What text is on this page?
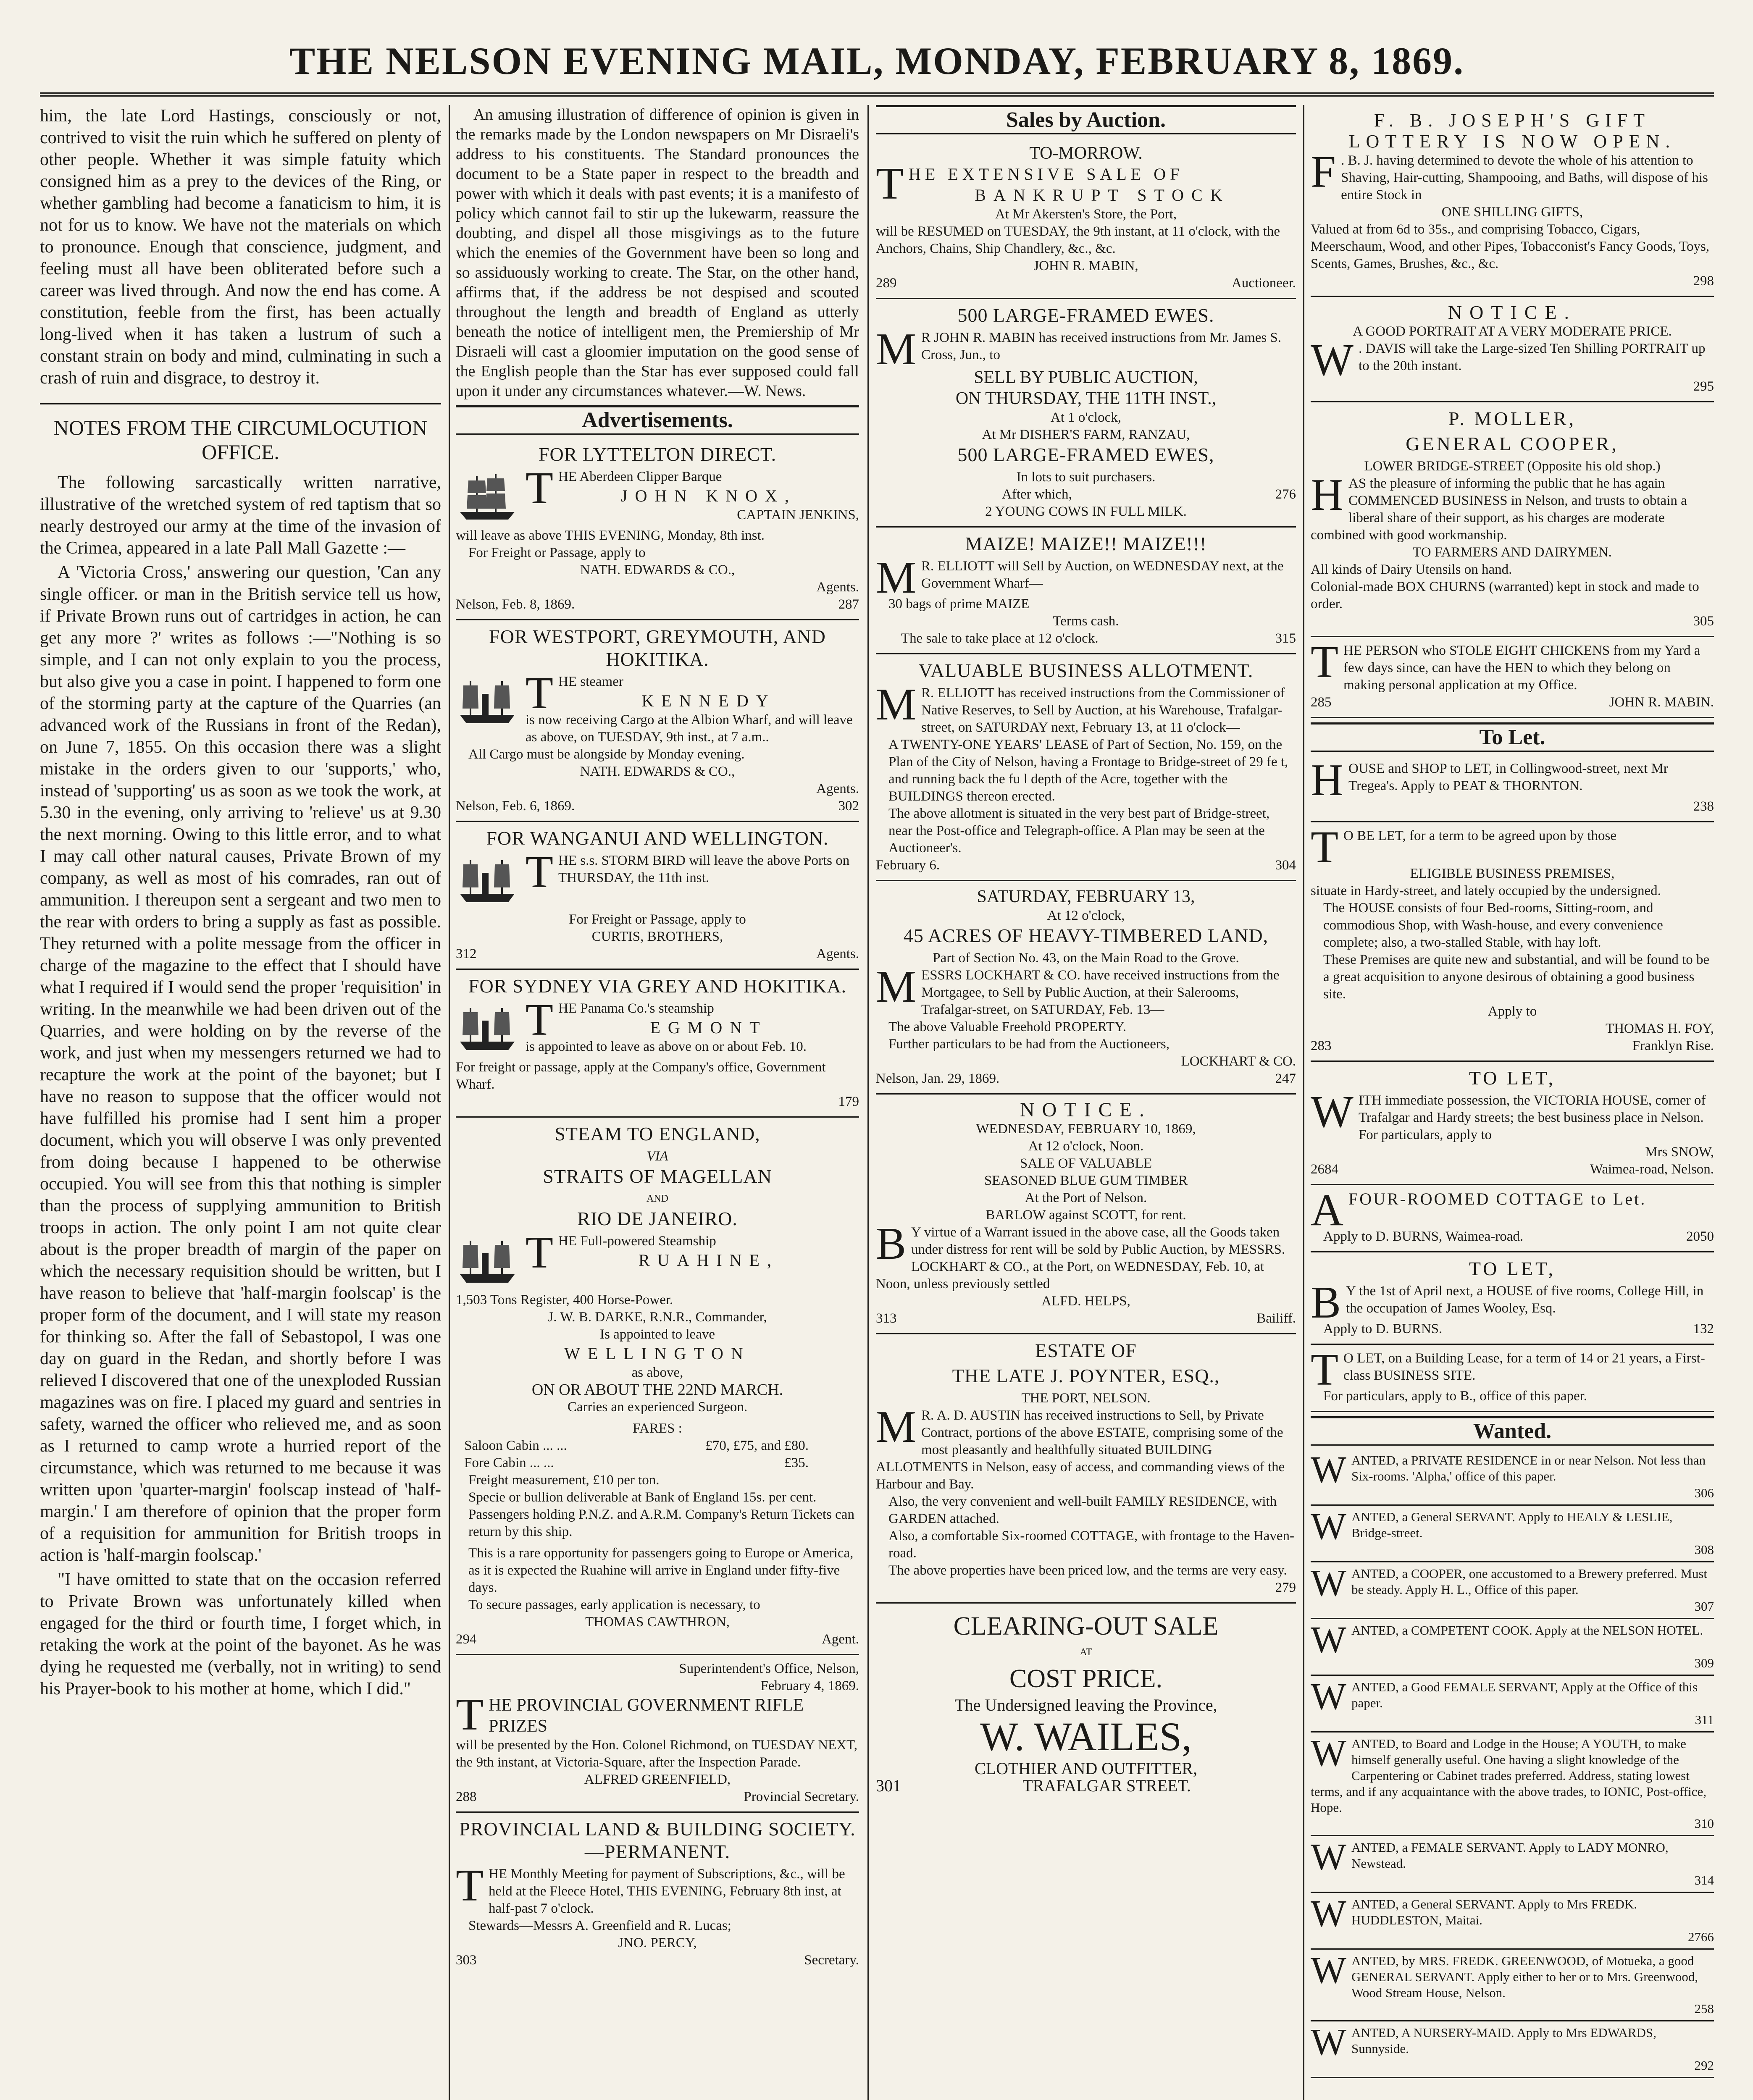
THE NELSON EVENING MAIL, MONDAY, FEBRUARY 8, 1869.

him, the late Lord Hastings, consciously or not, contrived to visit the ruin which he suffered on plenty of other people. Whether it was simple fatuity which consigned him as a prey to the devices of the Ring, or whether gambling had become a fanaticism to him, it is not for us to know. We have not the materials on which to pronounce. Enough that conscience, judgment, and feeling must all have been obliterated before such a career was lived through. And now the end has come. A constitution, feeble from the first, has been actually long-lived when it has taken a lustrum of such a constant strain on body and mind, culminating in such a crash of ruin and disgrace, to destroy it.

NOTES FROM THE CIRCUMLOCUTION OFFICE.

The following sarcastically written narrative, illustrative of the wretched system of red taptism that so nearly destroyed our army at the time of the invasion of the Crimea, appeared in a late Pall Mall Gazette :—

A 'Victoria Cross,' answering our question, 'Can any single officer. or man in the British service tell us how, if Private Brown runs out of cartridges in action, he can get any more ?' writes as follows :—"Nothing is so simple, and I can not only explain to you the process, but also give you a case in point. I happened to form one of the storming party at the capture of the Quarries (an advanced work of the Russians in front of the Redan), on June 7, 1855. On this occasion there was a slight mistake in the orders given to our 'supports,' who, instead of 'supporting' us as soon as we took the work, at 5.30 in the evening, only arriving to 'relieve' us at 9.30 the next morning. Owing to this little error, and to what I may call other natural causes, Private Brown of my company, as well as most of his comrades, ran out of ammunition. I thereupon sent a sergeant and two men to the rear with orders to bring a supply as fast as possible. They returned with a polite message from the officer in charge of the magazine to the effect that I should have what I required if I would send the proper 'requisition' in writing. In the meanwhile we had been driven out of the Quarries, and were holding on by the reverse of the work, and just when my messengers returned we had to recapture the work at the point of the bayonet; but I have no reason to suppose that the officer would not have fulfilled his promise had I sent him a proper document, which you will observe I was only prevented from doing because I happened to be otherwise occupied. You will see from this that nothing is simpler than the process of supplying ammunition to British troops in action. The only point I am not quite clear about is the proper breadth of margin of the paper on which the necessary requisition should be written, but I have reason to believe that 'half-margin foolscap' is the proper form of the document, and I will state my reason for thinking so. After the fall of Sebastopol, I was one day on guard in the Redan, and shortly before I was relieved I discovered that one of the unexploded Russian magazines was on fire. I placed my guard and sentries in safety, warned the officer who relieved me, and as soon as I returned to camp wrote a hurried report of the circumstance, which was returned to me because it was written upon 'quarter-margin' foolscap instead of 'half-margin.' I am therefore of opinion that the proper form of a requisition for ammunition for British troops in action is 'half-margin foolscap.'

"I have omitted to state that on the occasion referred to Private Brown was unfortunately killed when engaged for the third or fourth time, I forget which, in retaking the work at the point of the bayonet. As he was dying he requested me (verbally, not in writing) to send his Prayer-book to his mother at home, which I did."

An amusing illustration of difference of opinion is given in the remarks made by the London newspapers on Mr Disraeli's address to his constituents. The Standard pronounces the document to be a State paper in respect to the breadth and power with which it deals with past events; it is a manifesto of policy which cannot fail to stir up the lukewarm, reassure the doubting, and dispel all those misgivings as to the future which the enemies of the Government have been so long and so assiduously working to create. The Star, on the other hand, affirms that, if the address be not despised and scouted throughout the length and breadth of England as utterly beneath the notice of intelligent men, the Premiership of Mr Disraeli will cast a gloomier imputation on the good sense of the English people than the Star has ever supposed could fall upon it under any circumstances whatever.—W. News.

Advertisements.
FOR LYTTELTON DIRECT.
THE Aberdeen Clipper Barque
JOHN KNOX,
CAPTAIN JENKINS,
will leave as above THIS EVENING, Monday, 8th inst.
For Freight or Passage, apply to
NATH. EDWARDS & CO.,
Agents.
Nelson, Feb. 8, 1869.	287
FOR WESTPORT, GREYMOUTH, AND HOKITIKA.
THE steamer
KENNEDY
is now receiving Cargo at the Albion Wharf, and will leave as above, on TUESDAY, 9th inst., at 7 a.m..
All Cargo must be alongside by Monday evening.
NATH. EDWARDS & CO.,
Agents.
Nelson, Feb. 6, 1869.	302
FOR WANGANUI AND WELLINGTON.
THE s.s. STORM BIRD will leave the above Ports on THURSDAY, the 11th inst.
For Freight or Passage, apply to
CURTIS, BROTHERS,
312	Agents.
FOR SYDNEY VIA GREY AND HOKITIKA.
THE Panama Co.'s steamship
EGMONT
is appointed to leave as above on or about Feb. 10.
For freight or passage, apply at the Company's office, Government Wharf.
179
STEAM TO ENGLAND,
VIA
STRAITS OF MAGELLAN
AND
RIO DE JANEIRO.
THE Full-powered Steamship
RUAHINE,
1,503 Tons Register, 400 Horse-Power.
J. W. B. DARKE, R.N.R., Commander,
Is appointed to leave
WELLINGTON
as above,
ON OR ABOUT THE 22ND MARCH.
Carries an experienced Surgeon.
FARES :
Saloon Cabin ... ...	£70, £75, and £80.
Fore Cabin ... ...	£35.
Freight measurement, £10 per ton.
Specie or bullion deliverable at Bank of England 15s. per cent.
Passengers holding P.N.Z. and A.R.M. Company's Return Tickets can return by this ship.
This is a rare opportunity for passengers going to Europe or America, as it is expected the Ruahine will arrive in England under fifty-five days.
To secure passages, early application is necessary, to
THOMAS CAWTHRON,
294	Agent.
Superintendent's Office, Nelson,
February 4, 1869.
THE PROVINCIAL GOVERNMENT RIFLE PRIZES
will be presented by the Hon. Colonel Richmond, on TUESDAY NEXT, the 9th instant, at Victoria-Square, after the Inspection Parade.
ALFRED GREENFIELD,
288	Provincial Secretary.
PROVINCIAL LAND & BUILDING SOCIETY.—PERMANENT.
THE Monthly Meeting for payment of Subscriptions, &c., will be held at the Fleece Hotel, THIS EVENING, February 8th inst, at half-past 7 o'clock.
Stewards—Messrs A. Greenfield and R. Lucas;
JNO. PERCY,
303	Secretary.
Sales by Auction.
TO-MORROW.
THE EXTENSIVE SALE OF
BANKRUPT STOCK
At Mr Akersten's Store, the Port,
will be RESUMED on TUESDAY, the 9th instant, at 11 o'clock, with the Anchors, Chains, Ship Chandlery, &c., &c.
JOHN R. MABIN,
289	Auctioneer.
500 LARGE-FRAMED EWES.
M R JOHN R. MABIN has received instructions from Mr. James S. Cross, Jun., to
SELL BY PUBLIC AUCTION,
ON THURSDAY, THE 11TH INST.,
At 1 o'clock,
At Mr DISHER'S FARM, RANZAU,
500 LARGE-FRAMED EWES,
In lots to suit purchasers.
After which,	276
2 YOUNG COWS IN FULL MILK.
MAIZE! MAIZE!! MAIZE!!!
M R. ELLIOTT will Sell by Auction, on WEDNESDAY next, at the Government Wharf—
30 bags of prime MAIZE
Terms cash.
The sale to take place at 12 o'clock.	315
VALUABLE BUSINESS ALLOTMENT.
M R. ELLIOTT has received instructions from the Commissioner of Native Reserves, to Sell by Auction, at his Warehouse, Trafalgar-street, on SATURDAY next, February 13, at 11 o'clock—
A TWENTY-ONE YEARS' LEASE of Part of Section, No. 159, on the Plan of the City of Nelson, having a Frontage to Bridge-street of 29 fe t, and running back the fu l depth of the Acre, together with the BUILDINGS thereon erected.
The above allotment is situated in the very best part of Bridge-street, near the Post-office and Telegraph-office. A Plan may be seen at the Auctioneer's.
February 6.	304
SATURDAY, FEBRUARY 13,
At 12 o'clock,
45 ACRES OF HEAVY-TIMBERED LAND,
Part of Section No. 43, on the Main Road to the Grove.
MESSRS LOCKHART & CO. have received instructions from the Mortgagee, to Sell by Public Auction, at their Salerooms, Trafalgar-street, on SATURDAY, Feb. 13—
The above Valuable Freehold PROPERTY.
Further particulars to be had from the Auctioneers,
LOCKHART & CO.
Nelson, Jan. 29, 1869.	247
NOTICE.
WEDNESDAY, FEBRUARY 10, 1869,
At 12 o'clock, Noon.
SALE OF VALUABLE
SEASONED BLUE GUM TIMBER
At the Port of Nelson.
BARLOW against SCOTT, for rent.
B Y virtue of a Warrant issued in the above case, all the Goods taken under distress for rent will be sold by Public Auction, by MESSRS. LOCKHART & CO., at the Port, on WEDNESDAY, Feb. 10, at Noon, unless previously settled
ALFD. HELPS,
313	Bailiff.
ESTATE OF
THE LATE J. POYNTER, ESQ.,
THE PORT, NELSON.
M R. A. D. AUSTIN has received instructions to Sell, by Private Contract, portions of the above ESTATE, comprising some of the most pleasantly and healthfully situated BUILDING ALLOTMENTS in Nelson, easy of access, and commanding views of the Harbour and Bay.
Also, the very convenient and well-built FAMILY RESIDENCE, with GARDEN attached.
Also, a comfortable Six-roomed COTTAGE, with frontage to the Haven-road.
The above properties have been priced low, and the terms are very easy.
279
CLEARING-OUT SALE
AT
COST PRICE.
The Undersigned leaving the Province,
W. WAILES,
CLOTHIER AND OUTFITTER,
301	TRAFALGAR STREET.
F. B. JOSEPH'S GIFT LOTTERY IS NOW OPEN.
F . B. J. having determined to devote the whole of his attention to Shaving, Hair-cutting, Shampooing, and Baths, will dispose of his entire Stock in
ONE SHILLING GIFTS,
Valued at from 6d to 35s., and comprising Tobacco, Cigars, Meerschaum, Wood, and other Pipes, Tobacconist's Fancy Goods, Toys, Scents, Games, Brushes, &c., &c.
298
NOTICE.
A GOOD PORTRAIT AT A VERY MODERATE PRICE.
W . DAVIS will take the Large-sized Ten Shilling PORTRAIT up to the 20th instant.
295
P. MOLLER,
GENERAL COOPER,
LOWER BRIDGE-STREET (Opposite his old shop.)
HAS the pleasure of informing the public that he has again COMMENCED BUSINESS in Nelson, and trusts to obtain a liberal share of their support, as his charges are moderate combined with good workmanship.
TO FARMERS AND DAIRYMEN.
All kinds of Dairy Utensils on hand.
Colonial-made BOX CHURNS (warranted) kept in stock and made to order.
305
THE PERSON who STOLE EIGHT CHICKENS from my Yard a few days since, can have the HEN to which they belong on making personal application at my Office.
285	JOHN R. MABIN.
To Let.
HOUSE and SHOP to LET, in Collingwood-street, next Mr Tregea's. Apply to PEAT & THORNTON.
238
T O BE LET, for a term to be agreed upon by those
ELIGIBLE BUSINESS PREMISES,
situate in Hardy-street, and lately occupied by the undersigned.
The HOUSE consists of four Bed-rooms, Sitting-room, and commodious Shop, with Wash-house, and every convenience complete; also, a two-stalled Stable, with hay loft.
These Premises are quite new and substantial, and will be found to be a great acquisition to anyone desirous of obtaining a good business site.
Apply to
THOMAS H. FOY,
283	Franklyn Rise.
TO LET,
WITH immediate possession, the VICTORIA HOUSE, corner of Trafalgar and Hardy streets; the best business place in Nelson. For particulars, apply to
Mrs SNOW,
2684	Waimea-road, Nelson.
AFOUR-ROOMED COTTAGE to Let.
Apply to D. BURNS, Waimea-road.	2050
TO LET,
B Y the 1st of April next, a HOUSE of five rooms, College Hill, in the occupation of James Wooley, Esq.
Apply to D. BURNS.	132
T O LET, on a Building Lease, for a term of 14 or 21 years, a First-class BUSINESS SITE.
For particulars, apply to B., office of this paper.
Wanted.
WANTED, a PRIVATE RESIDENCE in or near Nelson. Not less than Six-rooms. 'Alpha,' office of this paper.
306
WANTED, a General SERVANT. Apply to HEALY & LESLIE, Bridge-street.
308
WANTED, a COOPER, one accustomed to a Brewery preferred. Must be steady. Apply H. L., Office of this paper.
307
WANTED, a COMPETENT COOK. Apply at the NELSON HOTEL.
309
WANTED, a Good FEMALE SERVANT, Apply at the Office of this paper.
311
WANTED, to Board and Lodge in the House; A YOUTH, to make himself generally useful. One having a slight knowledge of the Carpentering or Cabinet trades preferred. Address, stating lowest terms, and if any acquaintance with the above trades, to IONIC, Post-office, Hope.
310
WANTED, a FEMALE SERVANT. Apply to LADY MONRO, Newstead.
314
WANTED, a General SERVANT. Apply to Mrs FREDK. HUDDLESTON, Maitai.
2766
WANTED, by MRS. FREDK. GREENWOOD, of Motueka, a good GENERAL SERVANT. Apply either to her or to Mrs. Greenwood, Wood Stream House, Nelson.
258
WANTED, A NURSERY-MAID. Apply to Mrs EDWARDS, Sunnyside.
292
